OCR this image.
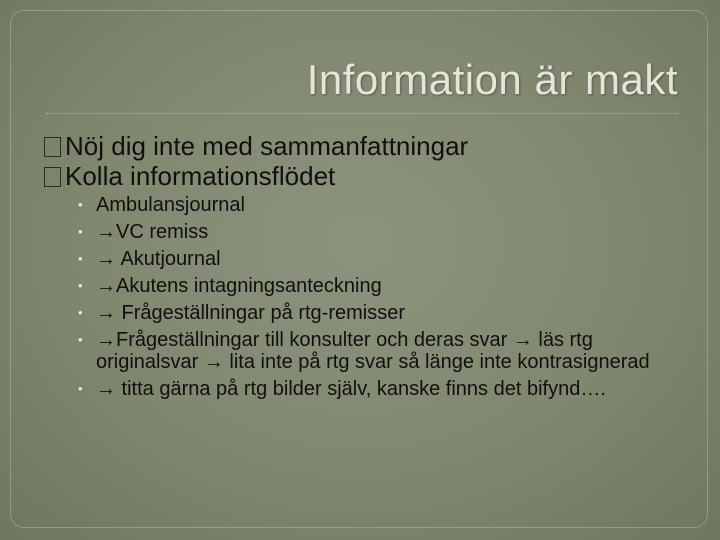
Information är makt
Nöj dig inte med sammanfattningar
Kolla informationsflödet
• Ambulansjournal
• →VC remiss
• → Akutjournal
• →Akutens intagningsanteckning
• → Frågeställningar på rtg-remisser
• →Frågeställningar till konsulter och deras svar → läs rtg originalsvar → lita inte på rtg svar så länge inte kontrasignerad
• → titta gärna på rtg bilder själv, kanske finns det bifynd….
